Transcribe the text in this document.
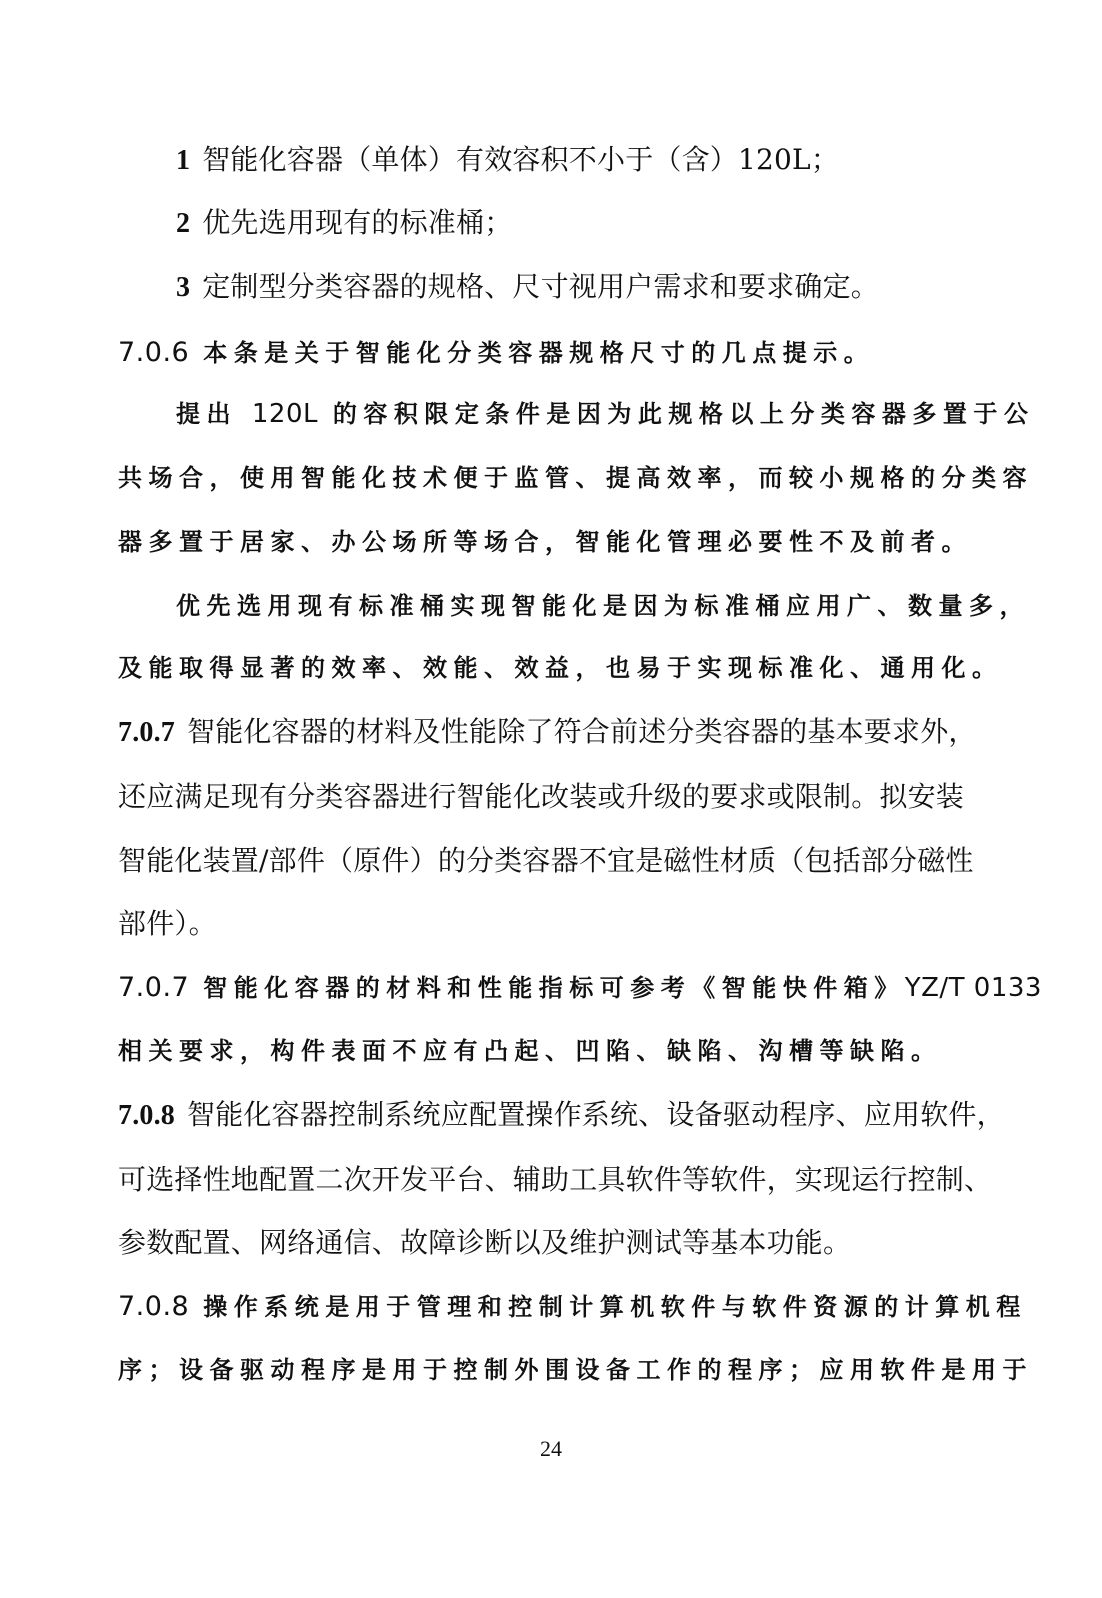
1 智能化容器（单体）有效容积不小于（含）120L；

2 优先选用现有的标准桶；

3 定制型分类容器的规格、尺寸视用户需求和要求确定。

7.0.6 本条是关于智能化分类容器规格尺寸的几点提示。

提出 120L 的容积限定条件是因为此规格以上分类容器多置于公

共场合，使用智能化技术便于监管、提高效率，而较小规格的分类容

器多置于居家、办公场所等场合，智能化管理必要性不及前者。

优先选用现有标准桶实现智能化是因为标准桶应用广、数量多，

及能取得显著的效率、效能、效益，也易于实现标准化、通用化。

7.0.7 智能化容器的材料及性能除了符合前述分类容器的基本要求外，

还应满足现有分类容器进行智能化改装或升级的要求或限制。拟安装

智能化装置/部件（原件）的分类容器不宜是磁性材质（包括部分磁性

部件）。

7.0.7 智能化容器的材料和性能指标可参考《智能快件箱》YZ/T 0133

相关要求，构件表面不应有凸起、凹陷、缺陷、沟槽等缺陷。

7.0.8 智能化容器控制系统应配置操作系统、设备驱动程序、应用软件，

可选择性地配置二次开发平台、辅助工具软件等软件，实现运行控制、

参数配置、网络通信、故障诊断以及维护测试等基本功能。

7.0.8 操作系统是用于管理和控制计算机软件与软件资源的计算机程

序；设备驱动程序是用于控制外围设备工作的程序；应用软件是用于

24
